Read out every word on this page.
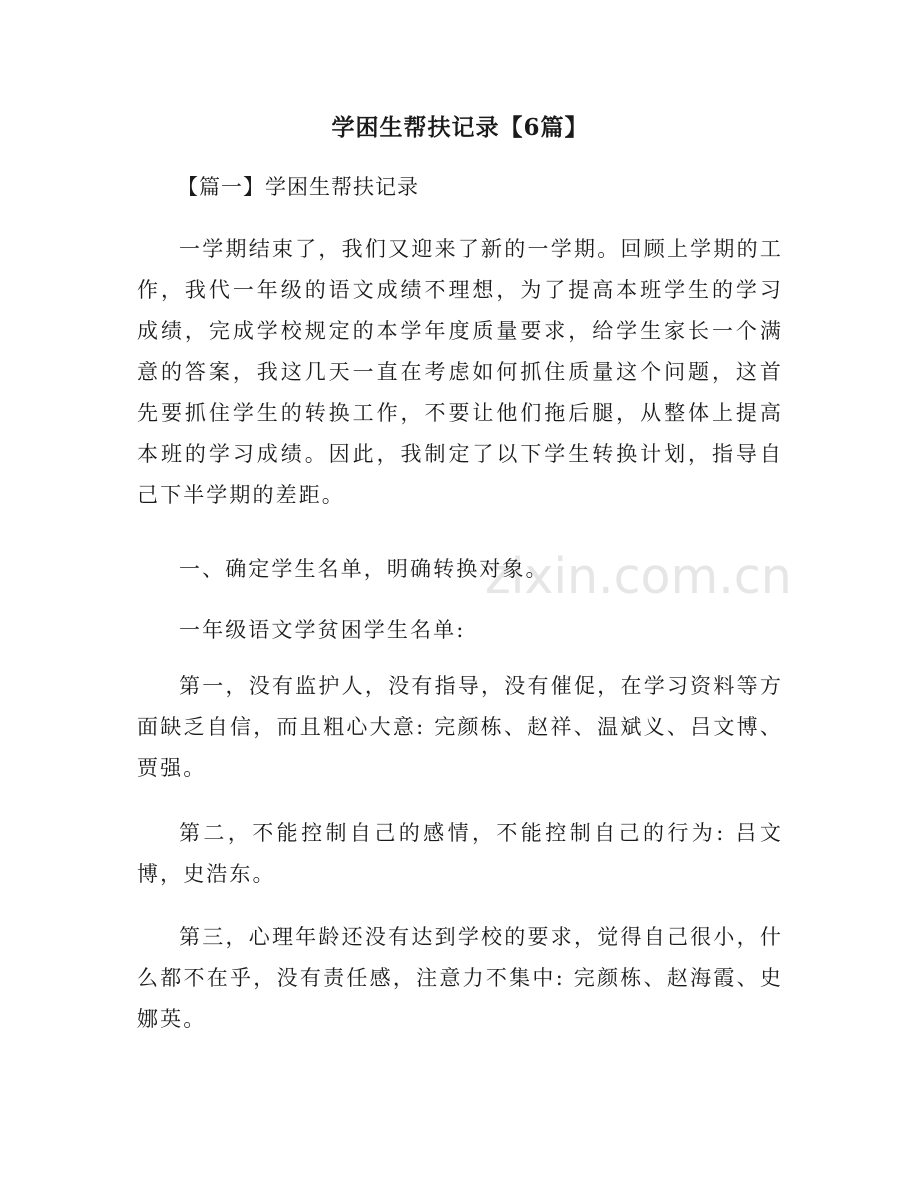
zixin.com.cn
学困生帮扶记录【6篇】
【篇一】学困生帮扶记录

一学期结束了，我们又迎来了新的一学期。回顾上学期的工作，我代一年级的语文成绩不理想，为了提高本班学生的学习成绩，完成学校规定的本学年度质量要求，给学生家长一个满意的答案，我这几天一直在考虑如何抓住质量这个问题，这首先要抓住学生的转换工作，不要让他们拖后腿，从整体上提高本班的学习成绩。因此，我制定了以下学生转换计划，指导自己下半学期的差距。

一、确定学生名单，明确转换对象。

一年级语文学贫困学生名单:

第一，没有监护人，没有指导，没有催促，在学习资料等方面缺乏自信，而且粗心大意: 完颜栋、赵祥、温斌义、吕文博、贾强。

第二，不能控制自己的感情，不能控制自己的行为: 吕文博，史浩东。

第三，心理年龄还没有达到学校的要求，觉得自己很小，什么都不在乎，没有责任感，注意力不集中: 完颜栋、赵海霞、史娜英。
